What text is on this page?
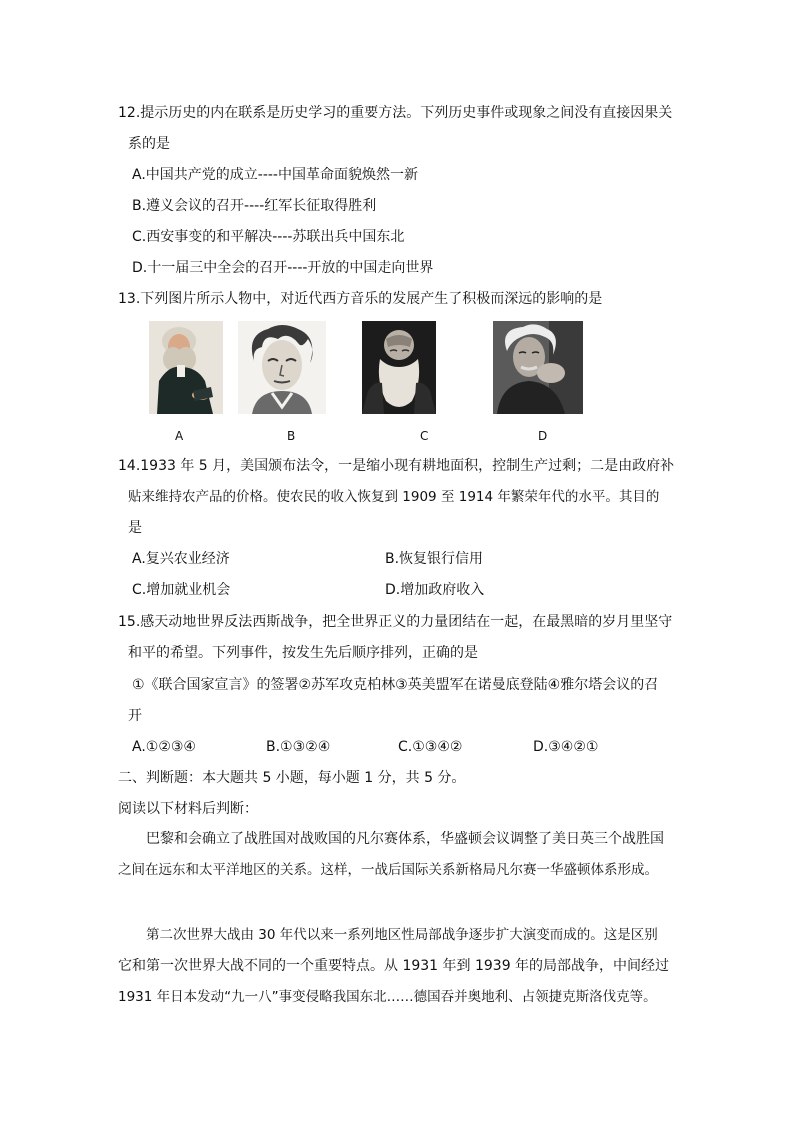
12.提示历史的内在联系是历史学习的重要方法。下列历史事件或现象之间没有直接因果关
系的是
A.中国共产党的成立----中国革命面貌焕然一新
B.遵义会议的召开----红军长征取得胜利
C.西安事变的和平解决----苏联出兵中国东北
D.十一届三中全会的召开----开放的中国走向世界
13.下列图片所示人物中，对近代西方音乐的发展产生了积极而深远的影响的是
A	B	C	D
14.1933 年 5 月，美国颁布法令，一是缩小现有耕地面积，控制生产过剩；二是由政府补
贴来维持农产品的价格。使农民的收入恢复到 1909 至 1914 年繁荣年代的水平。其目的
是
A.复兴农业经济	B.恢复银行信用
C.增加就业机会	D.增加政府收入
15.感天动地世界反法西斯战争，把全世界正义的力量团结在一起，在最黑暗的岁月里坚守
和平的希望。下列事件，按发生先后顺序排列，正确的是
①《联合国家宣言》的签署②苏军攻克柏林③英美盟军在诺曼底登陆④雅尔塔会议的召
开
A.①②③④	B.①③②④	C.①③④②	D.③④②①
二、判断题：本大题共 5 小题，每小题 1 分，共 5 分。
阅读以下材料后判断：
巴黎和会确立了战胜国对战败国的凡尔赛体系，华盛顿会议调整了美日英三个战胜国
之间在远东和太平洋地区的关系。这样，一战后国际关系新格局凡尔赛一华盛顿体系形成。
第二次世界大战由 30 年代以来一系列地区性局部战争逐步扩大演变而成的。这是区别
它和第一次世界大战不同的一个重要特点。从 1931 年到 1939 年的局部战争，中间经过
1931 年日本发动“九一八”事变侵略我国东北……德国吞并奥地利、占领捷克斯洛伐克等。
